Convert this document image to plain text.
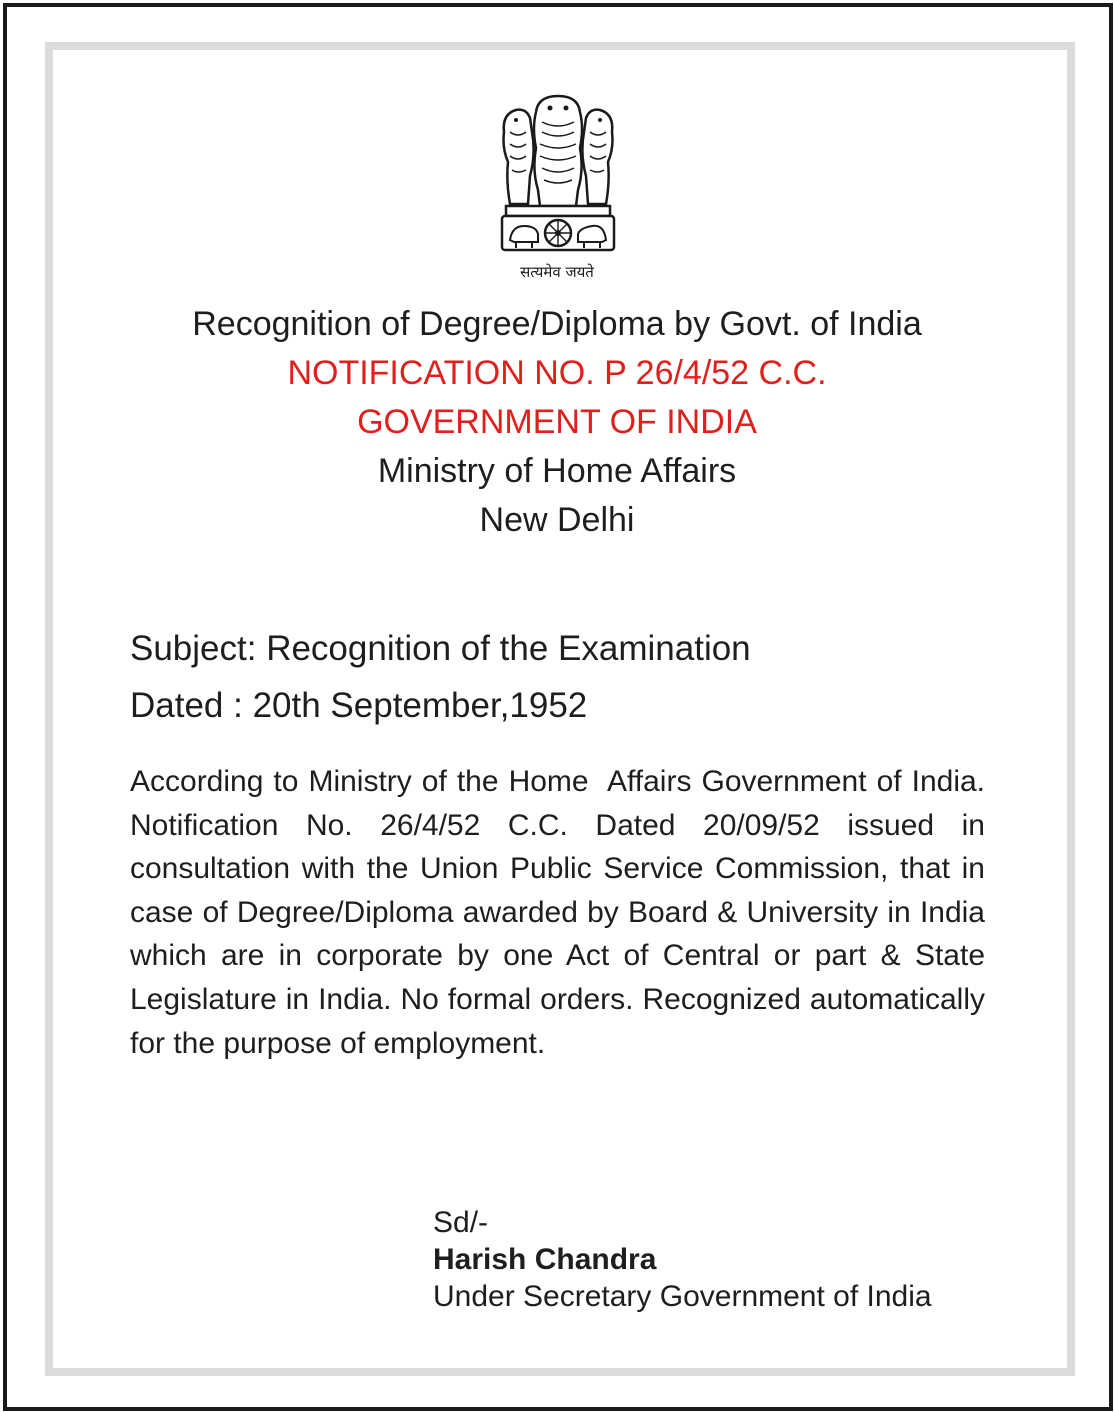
सत्यमेव जयते
Recognition of Degree/Diploma by Govt. of India
NOTIFICATION NO. P 26/4/52 C.C.
GOVERNMENT OF INDIA
Ministry of Home Affairs
New Delhi
Subject: Recognition of the Examination
Dated : 20th September,1952
According to Ministry of the Home  Affairs Government of India. Notification No. 26/4/52 C.C. Dated 20/09/52 issued in consultation with the Union Public Service Commission, that in case of Degree/Diploma awarded by Board & University in India which are in corporate by one Act of Central or part & State Legislature in India. No formal orders. Recognized automatically for the purpose of employment.
Sd/-
Harish Chandra
Under Secretary Government of India
